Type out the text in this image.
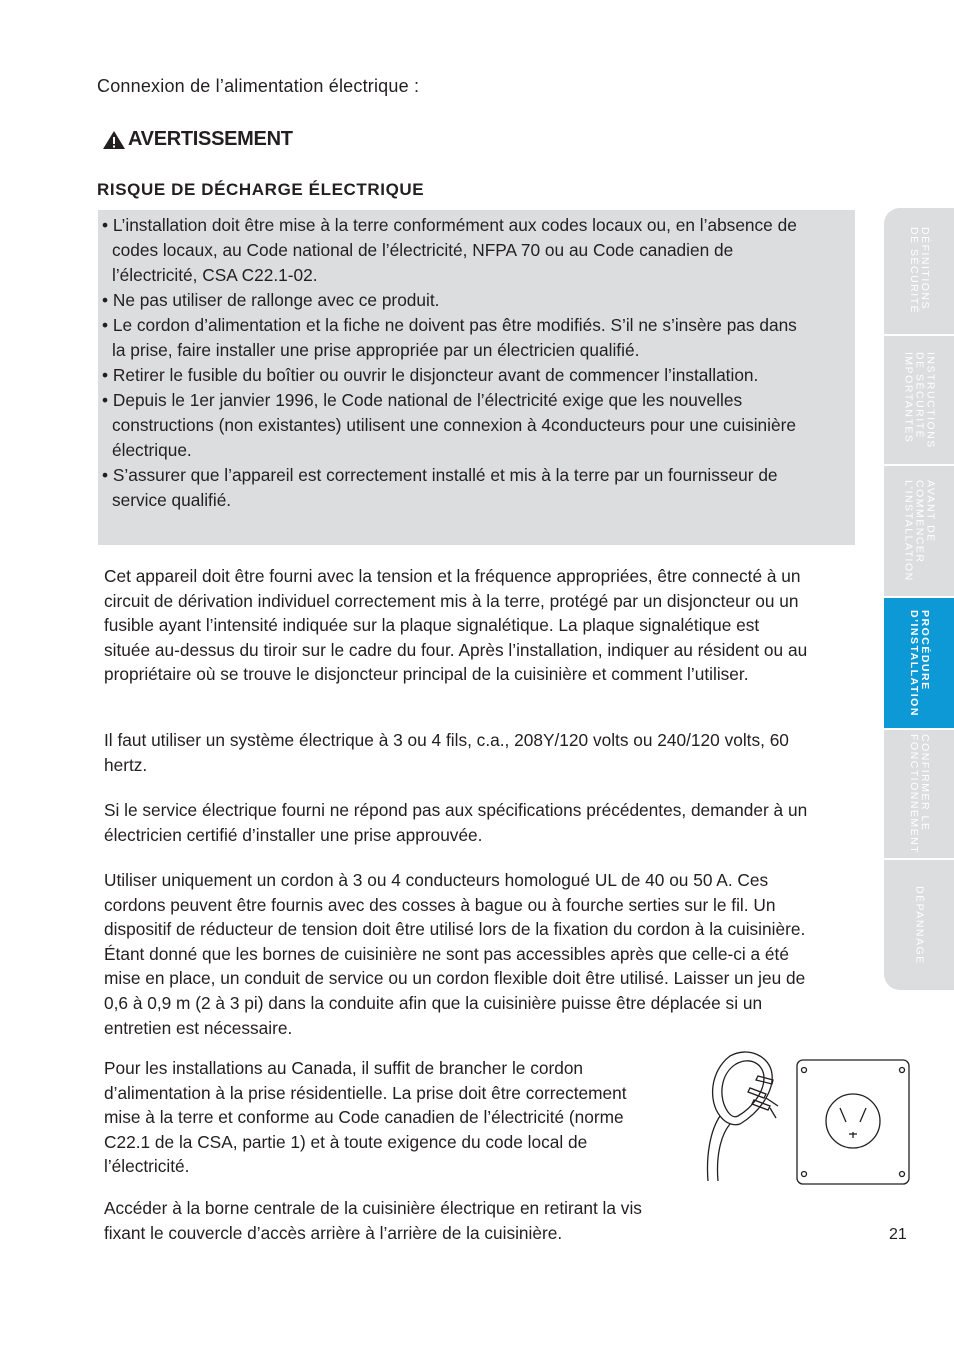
Connexion de l’alimentation électrique :
AVERTISSEMENT
RISQUE DE DÉCHARGE ÉLECTRIQUE
• L’installation doit être mise à la terre conformément aux codes locaux ou, en l’absence de codes locaux, au Code national de l’électricité, NFPA 70 ou au Code canadien de l’électricité, CSA C22.1-02.
• Ne pas utiliser de rallonge avec ce produit.
• Le cordon d’alimentation et la fiche ne doivent pas être modifiés. S’il ne s’insère pas dans la prise, faire installer une prise appropriée par un électricien qualifié.
• Retirer le fusible du boîtier ou ouvrir le disjoncteur avant de commencer l’installation.
• Depuis le 1er janvier 1996, le Code national de l’électricité exige que les nouvelles constructions (non existantes) utilisent une connexion à 4conducteurs pour une cuisinière électrique.
• S’assurer que l’appareil est correctement installé et mis à la terre par un fournisseur de service qualifié.

Cet appareil doit être fourni avec la tension et la fréquence appropriées, être connecté à un circuit de dérivation individuel correctement mis à la terre, protégé par un disjoncteur ou un fusible ayant l’intensité indiquée sur la plaque signalétique. La plaque signalétique est située au-dessus du tiroir sur le cadre du four. Après l’installation, indiquer au résident ou au propriétaire où se trouve le disjoncteur principal de la cuisinière et comment l’utiliser.

Il faut utiliser un système électrique à 3 ou 4 fils, c.a., 208Y/120 volts ou 240/120 volts, 60 hertz.

Si le service électrique fourni ne répond pas aux spécifications précédentes, demander à un électricien certifié d’installer une prise approuvée.

Utiliser uniquement un cordon à 3 ou 4 conducteurs homologué UL de 40 ou 50 A. Ces cordons peuvent être fournis avec des cosses à bague ou à fourche serties sur le fil. Un dispositif de réducteur de tension doit être utilisé lors de la fixation du cordon à la cuisinière. Étant donné que les bornes de cuisinière ne sont pas accessibles après que celle-ci a été mise en place, un conduit de service ou un cordon flexible doit être utilisé. Laisser un jeu de 0,6 à 0,9 m (2 à 3 pi) dans la conduite afin que la cuisinière puisse être déplacée si un entretien est nécessaire.

Pour les installations au Canada, il suffit de brancher le cordon d’alimentation à la prise résidentielle. La prise doit être correctement mise à la terre et conforme au Code canadien de l’électricité (norme C22.1 de la CSA, partie 1) et à toute exigence du code local de l’électricité.

Accéder à la borne centrale de la cuisinière électrique en retirant la vis fixant le couvercle d’accès arrière à l’arrière de la cuisinière.

DÉFINITIONS
DE SÉCURITÉ
INSTRUCTIONS
DE SÉCURITÉ
IMPORTANTES
AVANT DE
COMMENCER
L’INSTALLATION
PROCÉDURE
D’INSTALLATION
CONFIRMER LE
FONCTIONNEMENT
DÉPANNAGE
21
